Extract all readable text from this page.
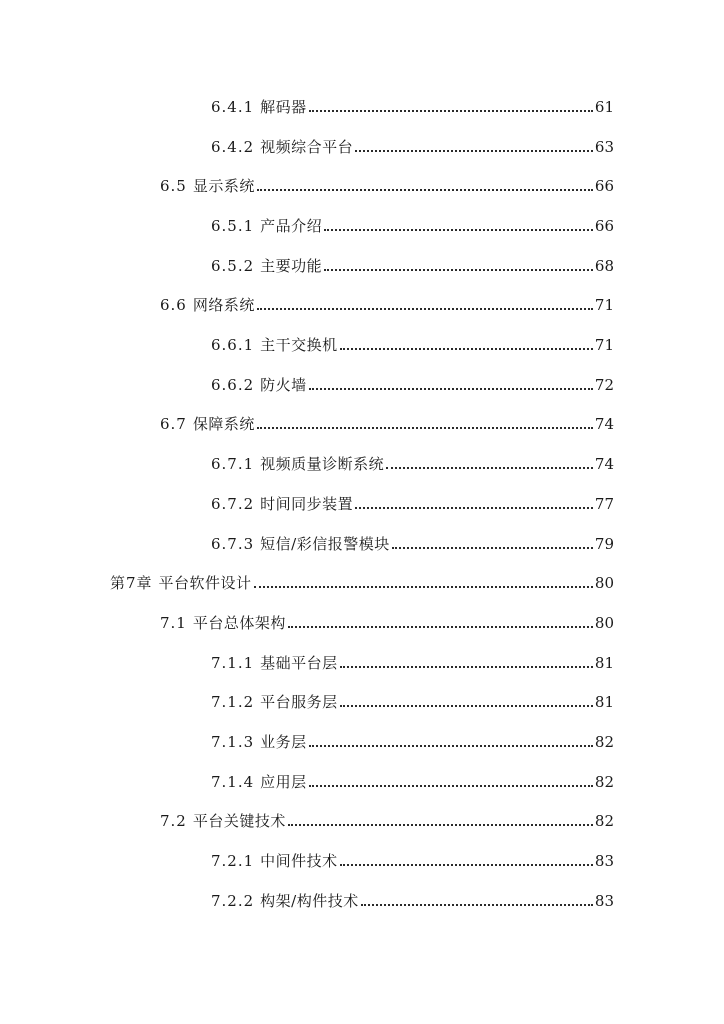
6.4.1 解码器	61
6.4.2 视频综合平台	63
6.5 显示系统	66
6.5.1 产品介绍	66
6.5.2 主要功能	68
6.6 网络系统	71
6.6.1 主干交换机	71
6.6.2 防火墙	72
6.7 保障系统	74
6.7.1 视频质量诊断系统	74
6.7.2 时间同步装置	77
6.7.3 短信/彩信报警模块	79
第7章 平台软件设计	80
7.1 平台总体架构	80
7.1.1 基础平台层	81
7.1.2 平台服务层	81
7.1.3 业务层	82
7.1.4 应用层	82
7.2 平台关键技术	82
7.2.1 中间件技术	83
7.2.2 构架/构件技术	83
